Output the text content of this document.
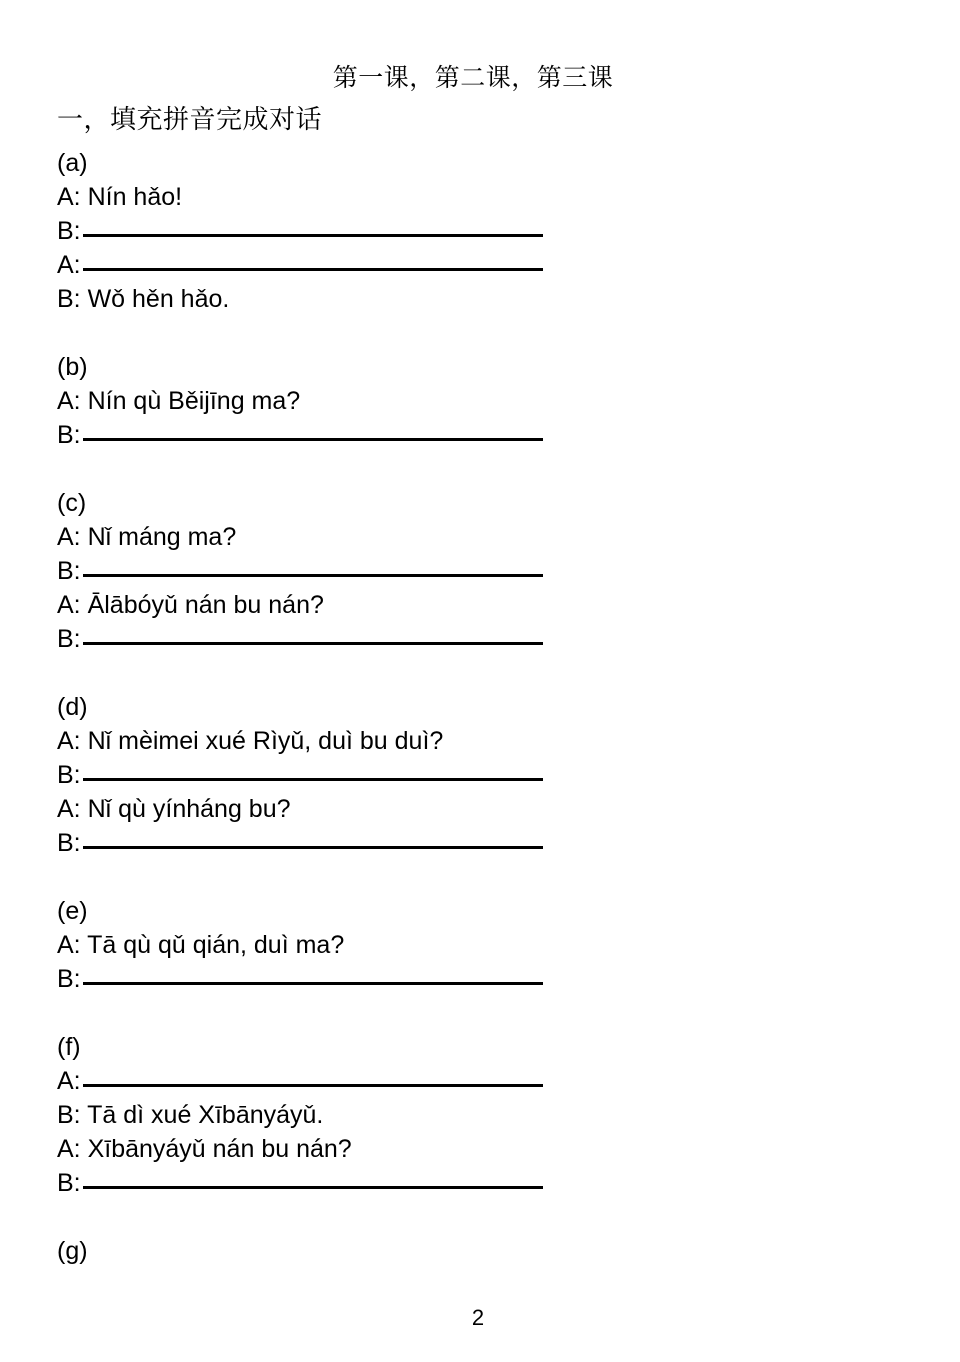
第一课，第二课，第三课
一，填充拼音完成对话
(a)
A: Nín hǎo!
B:
A:
B: Wǒ hěn hǎo.
(b)
A: Nín qù Běijīng ma?
B:
(c)
A: Nǐ máng ma?
B:
A: Ālābóyǔ nán bu nán?
B:
(d)
A: Nǐ mèimei xué Rìyǔ, duì bu duì?
B:
A: Nǐ qù yínháng bu?
B:
(e)
A: Tā qù qǔ qián, duì ma?
B:
(f)
A:
B: Tā dì xué Xībānyáyǔ.
A: Xībānyáyǔ nán bu nán?
B:
(g)
2
